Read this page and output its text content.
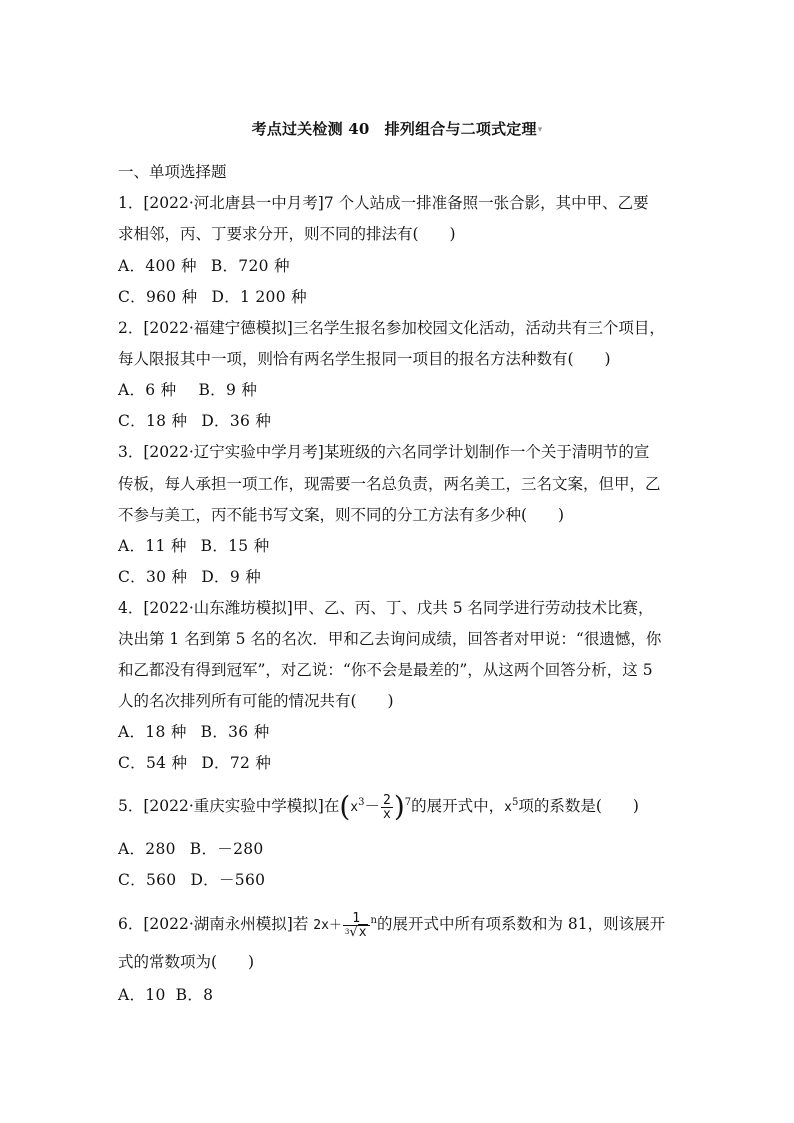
考点过关检测 40　排列组合与二项式定理▾
一、单项选择题
1．[2022·河北唐县一中月考]7 个人站成一排准备照一张合影，其中甲、乙要
求相邻，丙、丁要求分开，则不同的排法有(　　)
A．400 种 B．720 种
C．960 种 D．1 200 种
2．[2022·福建宁德模拟]三名学生报名参加校园文化活动，活动共有三个项目，
每人限报其中一项，则恰有两名学生报同一项目的报名方法种数有(　　)
A．6 种 B．9 种
C．18 种 D．36 种
3．[2022·辽宁实验中学月考]某班级的六名同学计划制作一个关于清明节的宣
传板，每人承担一项工作，现需要一名总负责，两名美工，三名文案，但甲，乙
不参与美工，丙不能书写文案，则不同的分工方法有多少种(　　)
A．11 种 B．15 种
C．30 种 D．9 种
4．[2022·山东潍坊模拟]甲、乙、丙、丁、戊共 5 名同学进行劳动技术比赛，
决出第 1 名到第 5 名的名次．甲和乙去询问成绩，回答者对甲说：“很遗憾，你
和乙都没有得到冠军”，对乙说：“你不会是最差的”，从这两个回答分析，这 5
人的名次排列所有可能的情况共有(　　)
A．18 种 B．36 种
C．54 种 D．72 种
5．[2022·重庆实验中学模拟]在$(x^3- \frac{2}{x} )^7$的展开式中，$x^5$项的系数是(　　)
A．280 B．－280
C．560 D．－560
6．[2022·湖南永州模拟]若 $2x+ \frac{1}{^3√x} ^n$的展开式中所有项系数和为 81，则该展开
式的常数项为(　　)
A．10 B．8
